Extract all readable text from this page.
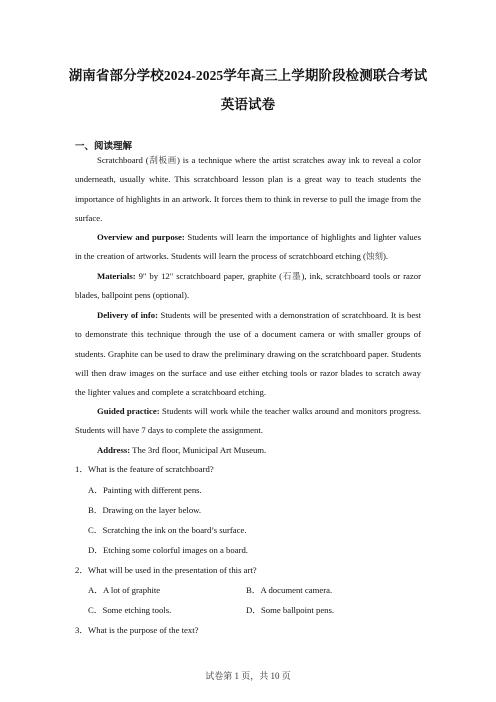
湖南省部分学校2024-2025学年高三上学期阶段检测联合考试
英语试卷
一、阅读理解

Scratchboard (刮板画) is a technique where the artist scratches away ink to reveal a color underneath, usually white. This scratchboard lesson plan is a great way to teach students the importance of highlights in an artwork. It forces them to think in reverse to pull the image from the surface.

Overview and purpose: Students will learn the importance of highlights and lighter values in the creation of artworks. Students will learn the process of scratchboard etching (蚀刻).

Materials: 9" by 12" scratchboard paper, graphite (石墨), ink, scratchboard tools or razor blades, ballpoint pens (optional).

Delivery of info: Students will be presented with a demonstration of scratchboard. It is best to demonstrate this technique through the use of a document camera or with smaller groups of students. Graphite can be used to draw the preliminary drawing on the scratchboard paper. Students will then draw images on the surface and use either etching tools or razor blades to scratch away the lighter values and complete a scratchboard etching.

Guided practice: Students will work while the teacher walks around and monitors progress. Students will have 7 days to complete the assignment.

Address: The 3rd floor, Municipal Art Museum.

1．What is the feature of scratchboard?

A．Painting with different pens.

B．Drawing on the layer below.

C．Scratching the ink on the board’s surface.

D．Etching some colorful images on a board.

2．What will be used in the presentation of this art?

A．A lot of graphite	B．A document camera.

C．Some etching tools.	D．Some ballpoint pens.

3．What is the purpose of the text?

试卷第 1 页，共 10 页
